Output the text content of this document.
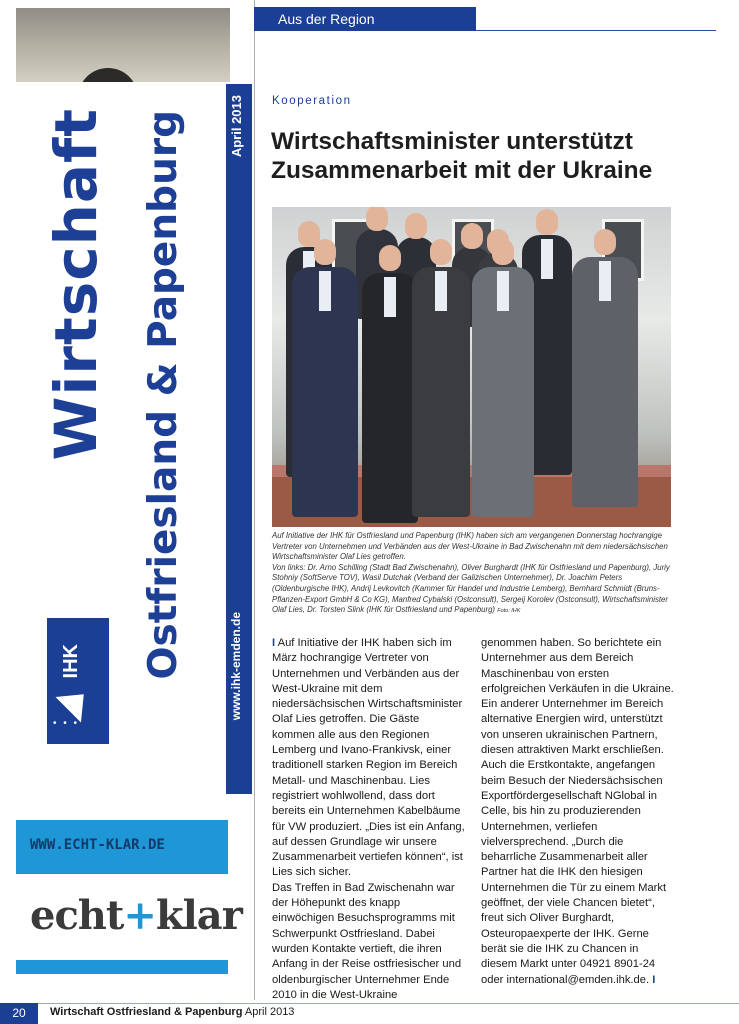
Wirtschaft Ostfriesland & Papenburg
IHK
• • •
April 2013
www.ihk-emden.de
WWW.ECHT-KLAR.DE
echt+klar
Aus der Region
Kooperation
Wirtschaftsminister unterstützt
Zusammenarbeit mit der Ukraine

Auf Initiative der IHK für Ostfriesland und Papenburg (IHK) haben sich am vergangenen Donnerstag hochrangige Vertreter von Unternehmen und Verbänden aus der West-Ukraine in Bad Zwischenahn mit dem niedersächsischen Wirtschaftsminister Olaf Lies getroffen.
Von links: Dr. Arno Schilling (Stadt Bad Zwischenahn), Oliver Burghardt (IHK für Ostfriesland und Papenburg), Juriy Stohniy (SoftServe TOV), Wasil Dutchak (Verband der Galizischen Unternehmer), Dr. Joachim Peters (Oldenburgische IHK), Andrij Levkovitch (Kammer für Handel und Industrie Lemberg), Bernhard Schmidt (Bruns-Pflanzen-Export GmbH & Co KG), Manfred Cybalski (Ostconsult), Sergeij Korolev (Ostconsult), Wirtschaftsminister Olaf Lies, Dr. Torsten Slink (IHK für Ostfriesland und Papenburg) Foto: IHK

I Auf Initiative der IHK haben sich im März hochrangige Vertreter von Unternehmen und Verbänden aus der West-Ukraine mit dem niedersächsischen Wirtschaftsminister Olaf Lies getroffen. Die Gäste kommen alle aus den Regionen Lemberg und Ivano-Frankivsk, einer traditionell starken Region im Bereich Metall- und Maschinenbau. Lies registriert wohlwollend, dass dort bereits ein Unternehmen Kabelbäume für VW produziert. „Dies ist ein Anfang, auf dessen Grundlage wir unsere Zusammenarbeit vertiefen können“, ist Lies sich sicher.

Das Treffen in Bad Zwischenahn war der Höhepunkt des knapp einwöchigen Besuchsprogramms mit Schwerpunkt Ostfriesland. Dabei wurden Kontakte vertieft, die ihren Anfang in der Reise ostfriesischer und oldenburgischer Unternehmer Ende 2010 in die West-Ukraine

genommen haben. So berichtete ein Unternehmer aus dem Bereich Maschinenbau von ersten erfolgreichen Verkäufen in die Ukraine. Ein anderer Unternehmer im Bereich alternative Energien wird, unterstützt von unseren ukrainischen Partnern, diesen attraktiven Markt erschließen.

Auch die Erstkontakte, angefangen beim Besuch der Niedersächsischen Exportfördergesellschaft NGlobal in Celle, bis hin zu produzierenden Unternehmen, verliefen vielversprechend. „Durch die beharrliche Zusammenarbeit aller Partner hat die IHK den hiesigen Unternehmen die Tür zu einem Markt geöffnet, der viele Chancen bietet“, freut sich Oliver Burghardt, Osteuropaexperte der IHK. Gerne berät sie die IHK zu Chancen in diesem Markt unter 04921 8901-24 oder international@emden.ihk.de. I

20	Wirtschaft Ostfriesland & Papenburg April 2013
